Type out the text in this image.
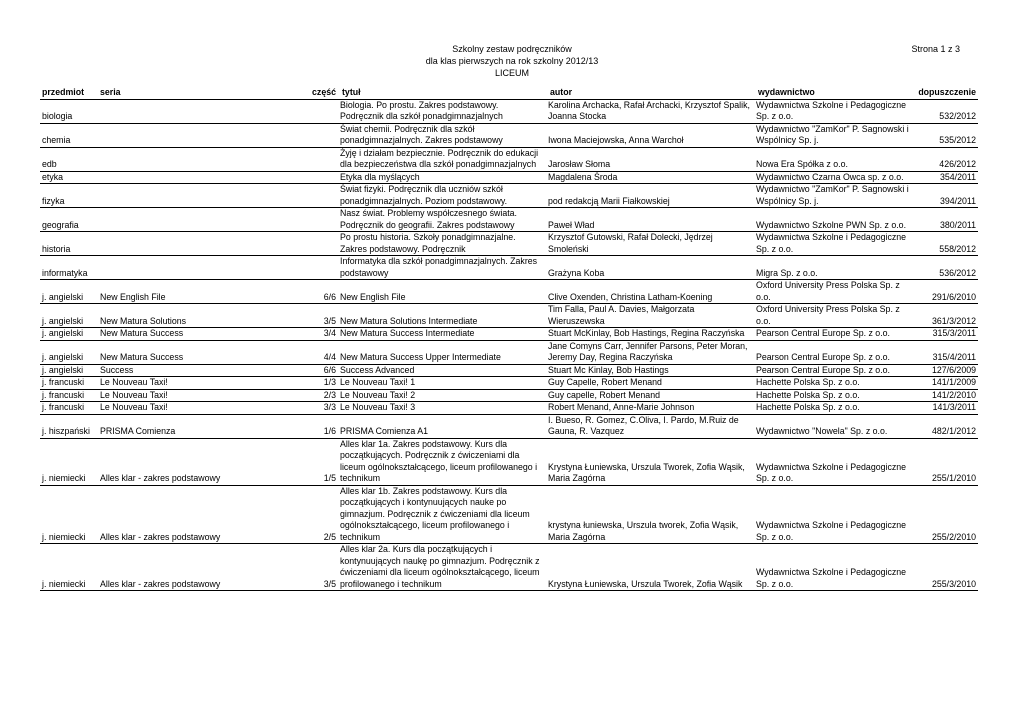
Szkolny zestaw podręczników
dla klas pierwszych na rok szkolny 2012/13
LICEUM
Strona 1 z 3
przedmiot	seria	część	tytuł	autor	wydawnictwo	dopuszczenie
biologia			Biologia. Po prostu. Zakres podstawowy. Podręcznik dla szkół ponadgimnazjalnych	Karolina Archacka, Rafał Archacki, Krzysztof Spalik, Joanna Stocka	Wydawnictwa Szkolne i Pedagogiczne Sp. z o.o.	532/2012
chemia			Świat chemii. Podręcznik dla szkół ponadgimnazjalnych. Zakres podstawowy	Iwona Maciejowska, Anna Warchoł	Wydawnictwo "ZamKor" P. Sagnowski i Wspólnicy Sp. j.	535/2012
edb			Żyję i działam bezpiecznie. Podręcznik do edukacji dla bezpieczeństwa dla szkół ponadgimnazjalnych	Jarosław Słoma	Nowa Era Spółka z o.o.	426/2012
etyka			Etyka dla myślących	Magdalena Środa	Wydawnictwo Czarna Owca sp. z o.o.	354/2011
fizyka			Świat fizyki. Podręcznik dla uczniów szkół ponadgimnazjalnych. Poziom podstawowy.	pod redakcją Marii Fiałkowskiej	Wydawnictwo "ZamKor" P. Sagnowski i Wspólnicy Sp. j.	394/2011
geografia			Nasz świat. Problemy współczesnego świata. Podręcznik do geografii. Zakres podstawowy	Paweł Wład	Wydawnictwo Szkolne PWN Sp. z o.o.	380/2011
historia			Po prostu historia. Szkoły ponadgimnazjalne. Zakres podstawowy. Podręcznik	Krzysztof Gutowski, Rafał Dolecki, Jędrzej Smoleński	Wydawnictwa Szkolne i Pedagogiczne Sp. z o.o.	558/2012
informatyka			Informatyka dla szkół ponadgimnazjalnych. Zakres podstawowy	Grażyna Koba	Migra Sp. z o.o.	536/2012
j. angielski	New English File	6/6	New English File	Clive Oxenden, Christina Latham-Koening	Oxford University Press Polska Sp. z o.o.	291/6/2010
j. angielski	New Matura Solutions	3/5	New Matura Solutions Intermediate	Tim Falla, Paul A. Davies, Małgorzata Wieruszewska	Oxford University Press Polska Sp. z o.o.	361/3/2012
j. angielski	New Matura Success	3/4	New Matura Success Intermediate	Stuart McKinlay, Bob Hastings, Regina Raczyńska	Pearson Central Europe Sp. z o.o.	315/3/2011
j. angielski	New Matura Success	4/4	New Matura Success Upper Intermediate	Jane Comyns Carr, Jennifer Parsons, Peter Moran, Jeremy Day, Regina Raczyńska	Pearson Central Europe Sp. z o.o.	315/4/2011
j. angielski	Success	6/6	Success Advanced	Stuart Mc Kinlay, Bob Hastings	Pearson Central Europe Sp. z o.o.	127/6/2009
j. francuski	Le Nouveau Taxi!	1/3	Le Nouveau Taxi! 1	Guy Capelle, Robert Menand	Hachette Polska Sp. z o.o.	141/1/2009
j. francuski	Le Nouveau Taxi!	2/3	Le Nouveau Taxi! 2	Guy capelle, Robert Menand	Hachette Polska Sp. z o.o.	141/2/2010
j. francuski	Le Nouveau Taxi!	3/3	Le Nouveau Taxi! 3	Robert Menand, Anne-Marie Johnson	Hachette Polska Sp. z o.o.	141/3/2011
j. hiszpański	PRISMA Comienza	1/6	PRISMA Comienza A1	I. Bueso, R. Gomez, C.Oliva, I. Pardo, M.Ruiz de Gauna, R. Vazquez	Wydawnictwo "Nowela" Sp. z o.o.	482/1/2012
j. niemiecki	Alles klar - zakres podstawowy	1/5	Alles klar 1a. Zakres podstawowy. Kurs dla początkujących. Podręcznik z ćwiczeniami dla liceum ogólnokształcącego, liceum profilowanego i technikum	Krystyna Łuniewska, Urszula Tworek, Zofia Wąsik, Maria Zagórna	Wydawnictwa Szkolne i Pedagogiczne Sp. z o.o.	255/1/2010
j. niemiecki	Alles klar - zakres podstawowy	2/5	Alles klar 1b. Zakres podstawowy. Kurs dla początkujących i kontynuujących nauke po gimnazjum. Podręcznik z ćwiczeniami dla liceum ogólnokształcącego, liceum profilowanego i technikum	krystyna łuniewska, Urszula tworek, Zofia Wąsik, Maria Zagórna	Wydawnictwa Szkolne i Pedagogiczne Sp. z o.o.	255/2/2010
j. niemiecki	Alles klar - zakres podstawowy	3/5	Alles klar 2a. Kurs dla początkujących i kontynuujących naukę po gimnazjum. Podręcznik z ćwiczeniami dla liceum ogólnokształcącego, liceum profilowanego i technikum	Krystyna Łuniewska, Urszula Tworek, Zofia Wąsik	Wydawnictwa Szkolne i Pedagogiczne Sp. z o.o.	255/3/2010
